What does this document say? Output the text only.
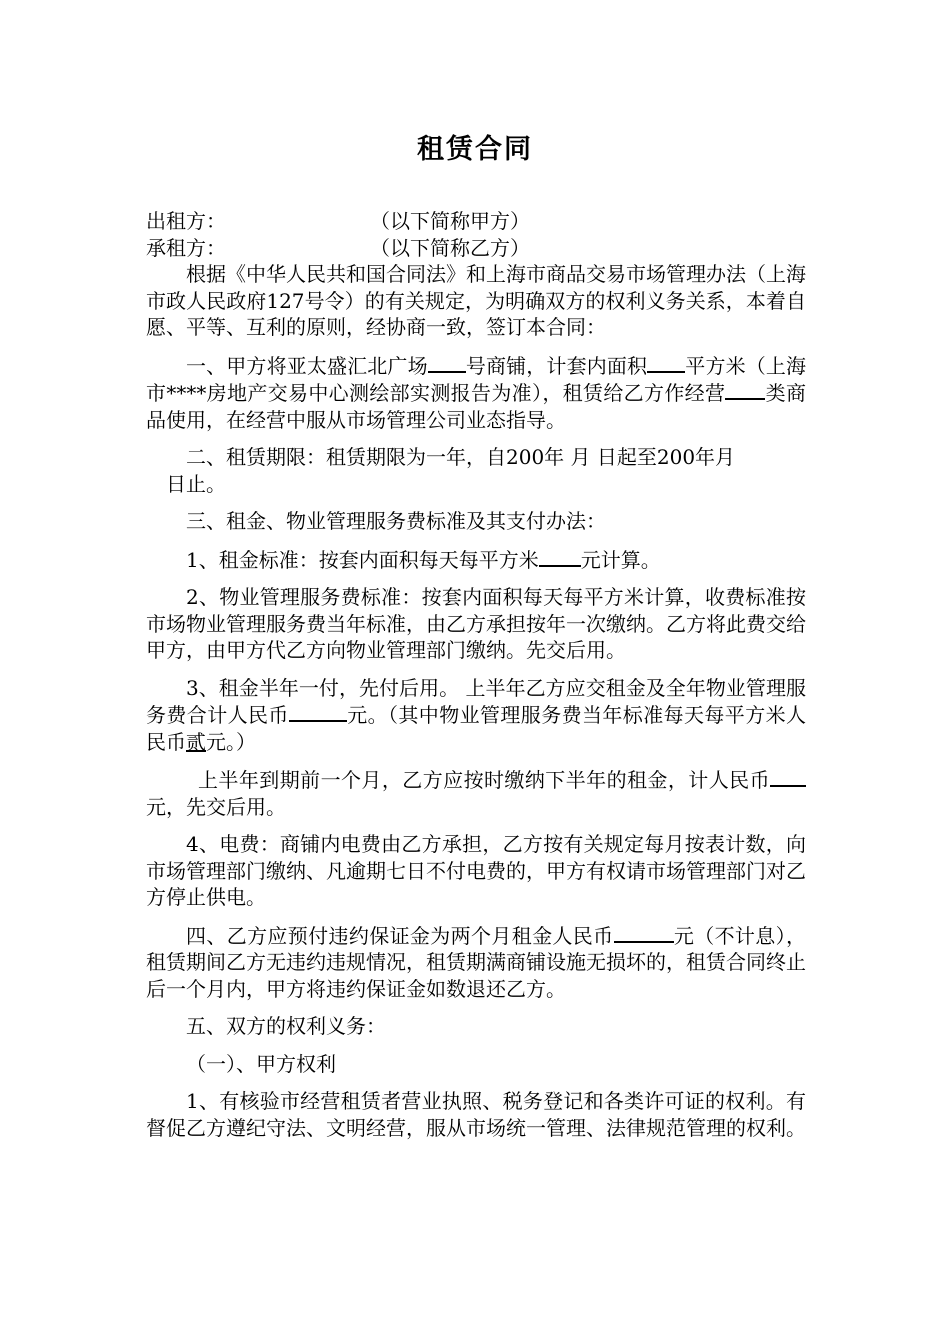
租赁合同
出租方：	（以下简称甲方）
承租方：	（以下简称乙方）

根据《中华人民共和国合同法》和上海市商品交易市场管理办法（上海市政人民政府127号令）的有关规定，为明确双方的权利义务关系，本着自愿、平等、互利的原则，经协商一致，签订本合同：

一、甲方将亚太盛汇北广场 号商铺，计套内面积 平方米（上海市****房地产交易中心测绘部实测报告为准），租赁给乙方作经营 类商品使用，在经营中服从市场管理公司业态指导。

二、租赁期限：租赁期限为一年，自200年 月 日起至200年月
日止。

三、租金、物业管理服务费标准及其支付办法：

1、租金标准：按套内面积每天每平方米 元计算。

2、物业管理服务费标准：按套内面积每天每平方米计算，收费标准按市场物业管理服务费当年标准，由乙方承担按年一次缴纳。乙方将此费交给甲方，由甲方代乙方向物业管理部门缴纳。先交后用。

3、租金半年一付，先付后用。 上半年乙方应交租金及全年物业管理服务费合计人民币	元。（其中物业管理服务费当年标准每天每平方米人民币贰元。）

上半年到期前一个月，乙方应按时缴纳下半年的租金，计人民币元，先交后用。

4、电费：商铺内电费由乙方承担，乙方按有关规定每月按表计数，向市场管理部门缴纳、凡逾期七日不付电费的，甲方有权请市场管理部门对乙方停止供电。

四、乙方应预付违约保证金为两个月租金人民币	元（不计息），租赁期间乙方无违约违规情况，租赁期满商铺设施无损坏的，租赁合同终止后一个月内，甲方将违约保证金如数退还乙方。

五、双方的权利义务：

（一）、甲方权利

1、有核验市经营租赁者营业执照、税务登记和各类许可证的权利。有督促乙方遵纪守法、文明经营，服从市场统一管理、法律规范管理的权利。
